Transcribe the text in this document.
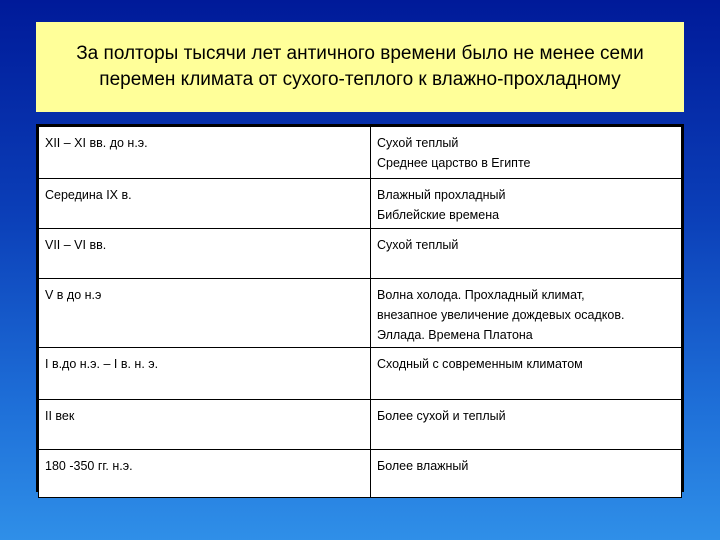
За полторы тысячи лет античного времени было не менее семи
перемен климата от сухого-теплого к влажно-прохладному
XII – XI вв. до н.э.	Сухой теплый
Среднее царство в Египте

Середина IX в.	Влажный прохладный
Библейские времена

VII – VI вв.	Сухой теплый

V в до н.э	Волна холода. Прохладный климат,
внезапное увеличение дождевых осадков.
Эллада. Времена Платона

I в.до н.э. – I в. н. э.	Сходный с современным климатом

II век	Более сухой и теплый

180 -350 гг. н.э.	Более влажный
